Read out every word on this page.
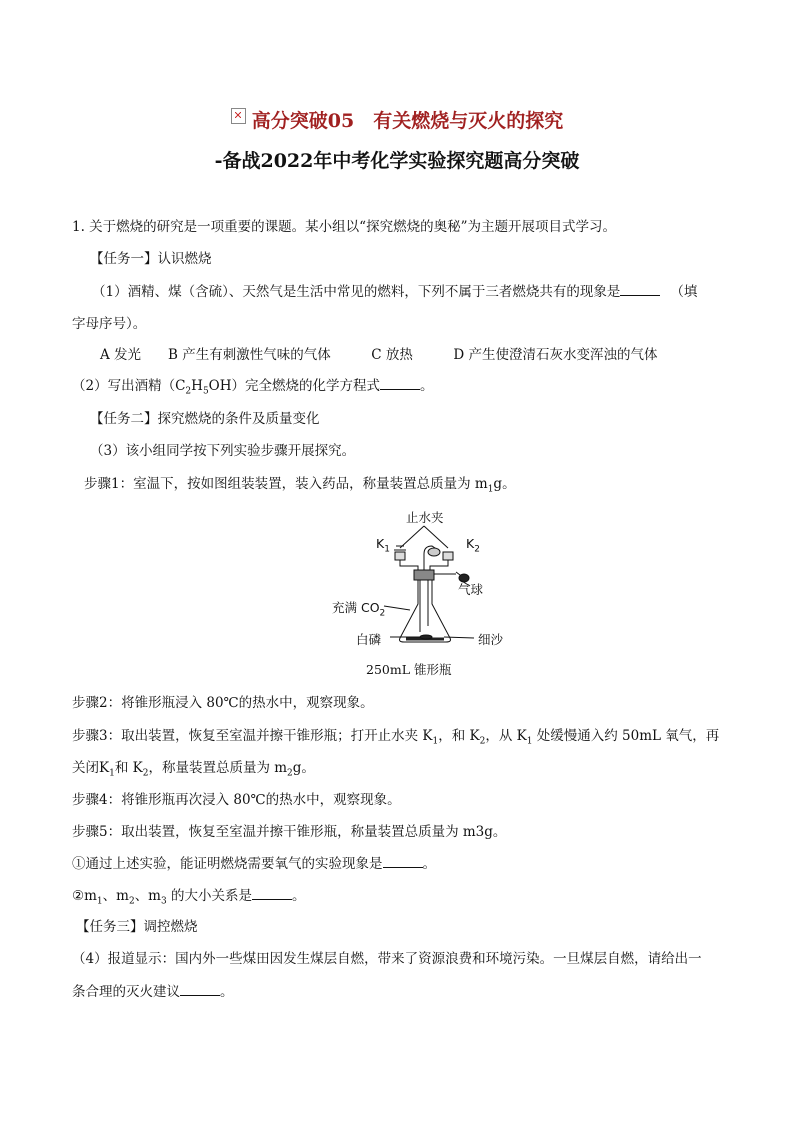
高分突破05　有关燃烧与灭火的探究
-备战2022年中考化学实验探究题高分突破
1. 关于燃烧的研究是一项重要的课题。某小组以“探究燃烧的奥秘”为主题开展项目式学习。
【任务一】认识燃烧
（1）酒精、煤（含硫）、天然气是生活中常见的燃料，下列不属于三者燃烧共有的现象是	（填
字母序号）。
A 发光　　B 产生有刺激性气味的气体　　　C 放热　　　D 产生使澄清石灰水变浑浊的气体
（2）写出酒精$(C_2H_5OH)$完全燃烧的化学方程式	。
【任务二】探究燃烧的条件及质量变化
（3）该小组同学按下列实验步骤开展探究。
步骤1：室温下，按如图组装装置，装入药品，称量装置总质量为 $m_1g$。
止水夹
$K_1$	$K_2$
气球
充满 $CO_2$
白磷	细沙
250mL 锥形瓶
步骤2：将锥形瓶浸入 80℃的热水中，观察现象。
步骤3：取出装置，恢复至室温并擦干锥形瓶；打开止水夹 $K_1$，和 $K_2$，从 $K_1$ 处缓慢通入约 50mL 氧气，再
关闭$K_1$和 $K_2$，称量装置总质量为 $m_2g$。
步骤4：将锥形瓶再次浸入 80℃的热水中，观察现象。
步骤5：取出装置，恢复至室温并擦干锥形瓶，称量装置总质量为 m3g。
①通过上述实验，能证明燃烧需要氧气的实验现象是	。
$②m_1$、$m_2$、$m_3$ 的大小关系是	。
【任务三】调控燃烧
（4）报道显示：国内外一些煤田因发生煤层自燃，带来了资源浪费和环境污染。一旦煤层自燃，请给出一
条合理的灭火建议	。
